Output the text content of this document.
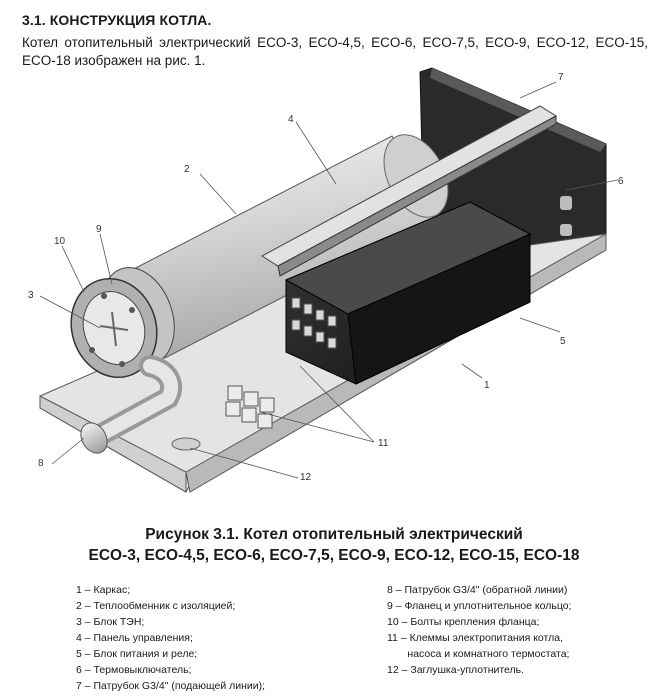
3.1. КОНСТРУКЦИЯ КОТЛА.
Котел отопительный электрический ECO-3, ECO-4,5, ECO-6, ECO-7,5, ECO-9, ECO-12, ECO-15, ECO-18 изображен на рис. 1.
1
2
3
4
5
6
7
8
9
10
11
12
Рисунок 3.1. Котел отопительный электрический
ECO-3, ECO-4,5, ECO-6, ECO-7,5, ECO-9, ECO-12, ECO-15, ECO-18
1 – Каркас;
2 – Теплообменник с изоляцией;
3 – Блок ТЭН;
4 – Панель управления;
5 – Блок питания и реле;
6 – Термовыключатель;
7 – Патрубок G3/4" (подающей линии);
8 – Патрубок G3/4" (обратной линии)
9 – Фланец и уплотнительное кольцо;
10 – Болты крепления фланца;
11 – Клеммы электропитания котла,
насоса и комнатного термостата;
12 – Заглушка-уплотнитель.
